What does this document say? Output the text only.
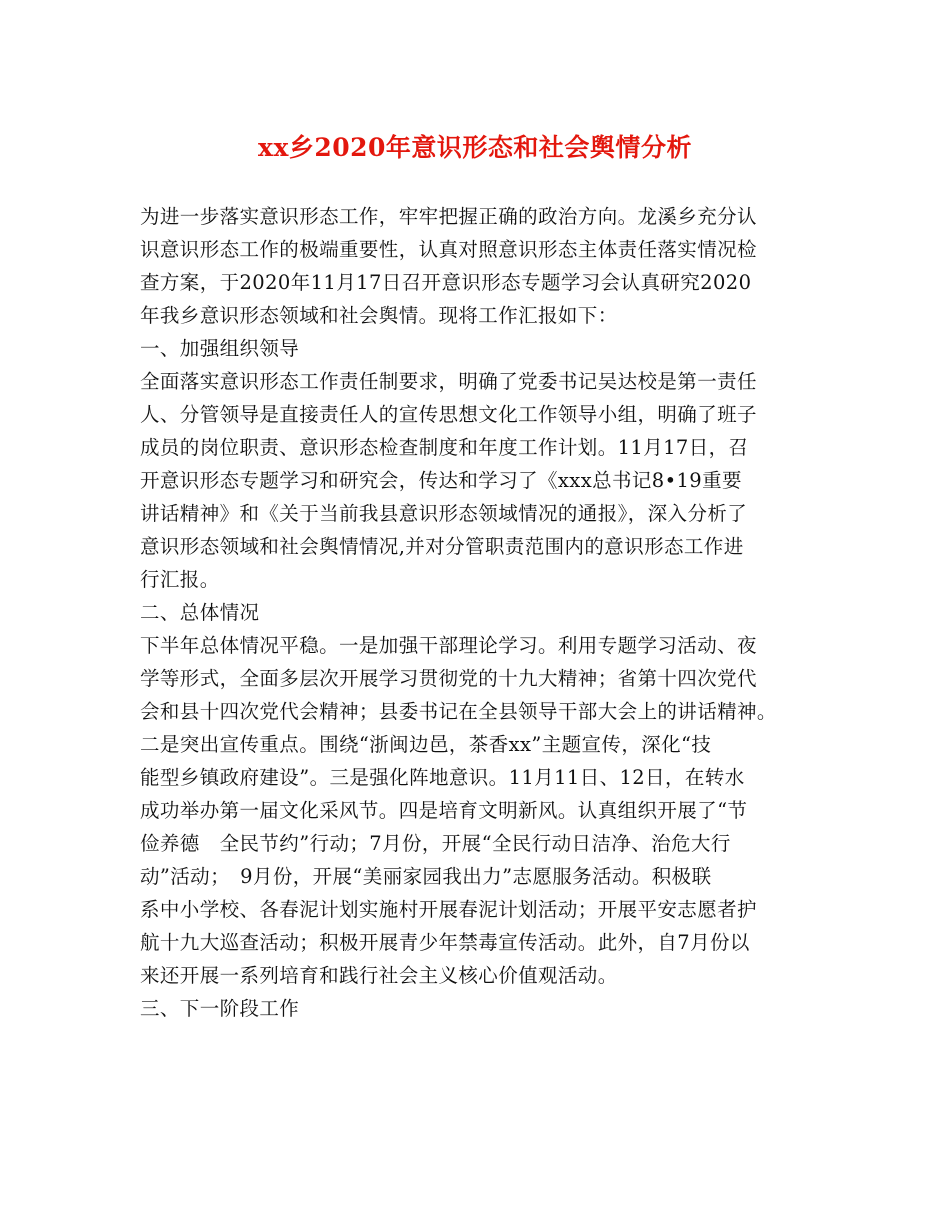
xx乡2020年意识形态和社会舆情分析
为进一步落实意识形态工作，牢牢把握正确的政治方向。龙溪乡充分认
识意识形态工作的极端重要性，认真对照意识形态主体责任落实情况检
查方案，于2020年11月17日召开意识形态专题学习会认真研究2020
年我乡意识形态领域和社会舆情。现将工作汇报如下：
一、加强组织领导
全面落实意识形态工作责任制要求，明确了党委书记吴达校是第一责任
人、分管领导是直接责任人的宣传思想文化工作领导小组，明确了班子
成员的岗位职责、意识形态检查制度和年度工作计划。11月17日，召
开意识形态专题学习和研究会，传达和学习了《xxx总书记8•19重要
讲话精神》和《关于当前我县意识形态领域情况的通报》，深入分析了
意识形态领域和社会舆情情况,并对分管职责范围内的意识形态工作进
行汇报。
二、总体情况
下半年总体情况平稳。一是加强干部理论学习。利用专题学习活动、夜
学等形式，全面多层次开展学习贯彻党的十九大精神；省第十四次党代
会和县十四次党代会精神；县委书记在全县领导干部大会上的讲话精神。
二是突出宣传重点。围绕“浙闽边邑，茶香xx”主题宣传，深化“技
能型乡镇政府建设”。三是强化阵地意识。11月11日、12日，在转水
成功举办第一届文化采风节。四是培育文明新风。认真组织开展了“节
俭养德　全民节约”行动；7月份，开展“全民行动日洁净、治危大行
动”活动；　9月份，开展“美丽家园我出力”志愿服务活动。积极联
系中小学校、各春泥计划实施村开展春泥计划活动；开展平安志愿者护
航十九大巡查活动；积极开展青少年禁毒宣传活动。此外，自7月份以
来还开展一系列培育和践行社会主义核心价值观活动。
三、下一阶段工作
